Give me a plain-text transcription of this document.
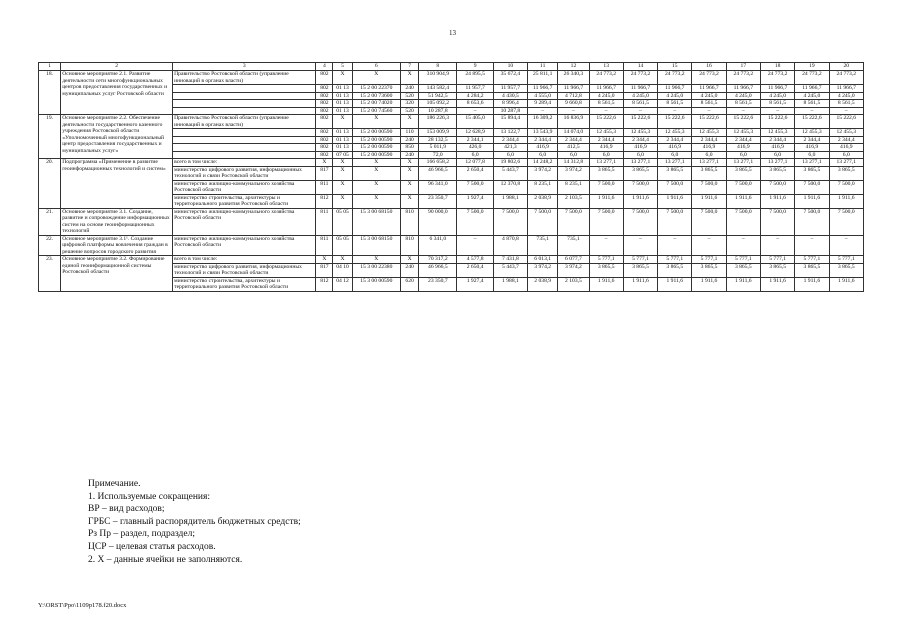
13
1	2	3	4	5	6	7	8	9	10	11	12	13	14	15	16	17	18	19	20
18.	Основное мероприятие 2.1. Развитие деятельности сети многофункциональных центров предоставления государственных и муниципальных услуг Ростовской области	Правительство Ростовской области (управление инноваций в органах власти)	802	X	X	X	310 904,9	24 895,5	35 672,4	25 811,1	26 340,3	24 773,2	24 773,2	24 773,2	24 773,2	24 773,2	24 773,2	24 773,2	24 773,2
			802	01 13	15 2 00 22370	240	143 582,4	11 957,7	11 957,7	11 966,7	11 966,7	11 966,7	11 966,7	11 966,7	11 966,7	11 966,7	11 966,7	11 966,7	11 966,7
			802	01 13	15 2 00 73600	520	51 942,5	4 284,2	4 430,5	4 555,0	4 712,8	4 245,0	4 245,0	4 245,0	4 245,0	4 245,0	4 245,0	4 245,0	4 245,0
			802	01 13	15 2 00 74020	320	105 092,2	8 653,6	8 996,4	9 289,4	9 660,8	8 561,5	8 561,5	8 561,5	8 561,5	8 561,5	8 561,5	8 561,5	8 561,5
			802	01 13	15 2 00 74560	520	10 287,8	–	10 287,8	–	–	–	–	–	–	–	–	–	–
19.	Основное мероприятие 2.2. Обеспечение деятельности государственного казенного учреждения Ростовской области «Уполномоченный многофункциональный центр предоставления государственных и муниципальных услуг»	Правительство Ростовской области (управление инноваций в органах власти)	802	X	X	X	186 226,3	15 405,0	15 894,4	16 309,2	16 836,9	15 222,6	15 222,6	15 222,6	15 222,6	15 222,6	15 222,6	15 222,6	15 222,6
			802	01 13	15 2 00 00590	110	153 009,9	12 628,9	13 122,7	13 543,9	14 074,0	12 455,3	12 455,3	12 455,3	12 455,3	12 455,3	12 455,3	12 455,3	12 455,3
			802	01 13	15 2 00 00590	240	28 132,5	2 344,1	2 344,4	2 344,4	2 344,4	2 344,4	2 344,4	2 344,4	2 344,4	2 344,4	2 344,4	2 344,4	2 344,4
			802	01 13	15 2 00 00590	850	5 011,9	426,0	421,3	416,9	412,5	416,9	416,9	416,9	416,9	416,9	416,9	416,9	416,9
			802	07 05	15 2 00 00590	240	72,0	6,0	6,0	6,0	6,0	6,0	6,0	6,0	6,0	6,0	6,0	6,0	6,0
20.	Подпрограмма «Применение в развитие геоинформационных технологий и систем»	всего в том числе:	X	X	X	X	166 658,2	12 077,8	19 802,6	14 248,2	14 312,8	13 277,1	13 277,1	13 277,1	13 277,1	13 277,1	13 277,1	13 277,1	13 277,1
		министерство цифрового развития, информационных технологий и связи Ростовской области	817	X	X	X	46 966,5	2 650,4	5 443,7	3 974,2	3 974,2	3 865,5	3 865,5	3 865,5	3 865,5	3 865,5	3 865,5	3 865,5	3 865,5
		министерство жилищно-коммунального хозяйства Ростовской области	811	X	X	X	96 341,0	7 500,0	12 370,8	8 235,1	8 235,1	7 500,0	7 500,0	7 500,0	7 500,0	7 500,0	7 500,0	7 500,0	7 500,0
		министерство строительства, архитектуры и территориального развития Ростовской области	812	X	X	X	23 350,7	1 927,4	1 988,1	2 038,9	2 103,5	1 911,6	1 911,6	1 911,6	1 911,6	1 911,6	1 911,6	1 911,6	1 911,6
21.	Основное мероприятие 3.1. Создание, развитие и сопровождение информационных систем на основе геоинформационных технологий	министерство жилищно-коммунального хозяйства Ростовской области	811	05 05	15 3 00 68150	810	90 000,0	7 500,0	7 500,0	7 500,0	7 500,0	7 500,0	7 500,0	7 500,0	7 500,0	7 500,0	7 500,0	7 500,0	7 500,0
22.	Основное мероприятие 3.1¹. Создание цифровой платформы вовлечения граждан в решение вопросов городского развития	министерство жилищно-коммунального хозяйства Ростовской области	811	05 05	15 3 00 68150	810	6 341,0	–	4 870,8	735,1	735,1	–	–	–	–	–	–	–	–
23.	Основное мероприятие 3.2. Формирование единой геоинформационной системы Ростовской области	всего в том числе:	X	X	X	X	70 317,2	4 577,8	7 431,8	6 013,1	6 077,7	5 777,1	5 777,1	5 777,1	5 777,1	5 777,1	5 777,1	5 777,1	5 777,1
		министерство цифрового развития, информационных технологий и связи Ростовской области	817	04 10	15 3 00 22380	240	46 966,5	2 650,4	5 443,7	3 974,2	3 974,2	3 865,5	3 865,5	3 865,5	3 865,5	3 865,5	3 865,5	3 865,5	3 865,5
		министерство строительства, архитектуры и территориального развития Ростовской области	812	04 12	15 3 00 00590	620	23 350,7	1 927,4	1 988,1	2 038,9	2 103,5	1 911,6	1 911,6	1 911,6	1 911,6	1 911,6	1 911,6	1 911,6	1 911,6
Примечание.
1. Используемые сокращения:
ВР – вид расходов;
ГРБС – главный распорядитель бюджетных средств;
Рз Пр – раздел, подраздел;
ЦСР – целевая статья расходов.
2. Х – данные ячейки не заполняются.
Y:\ORST\Ppo\1109p178.f20.docx
